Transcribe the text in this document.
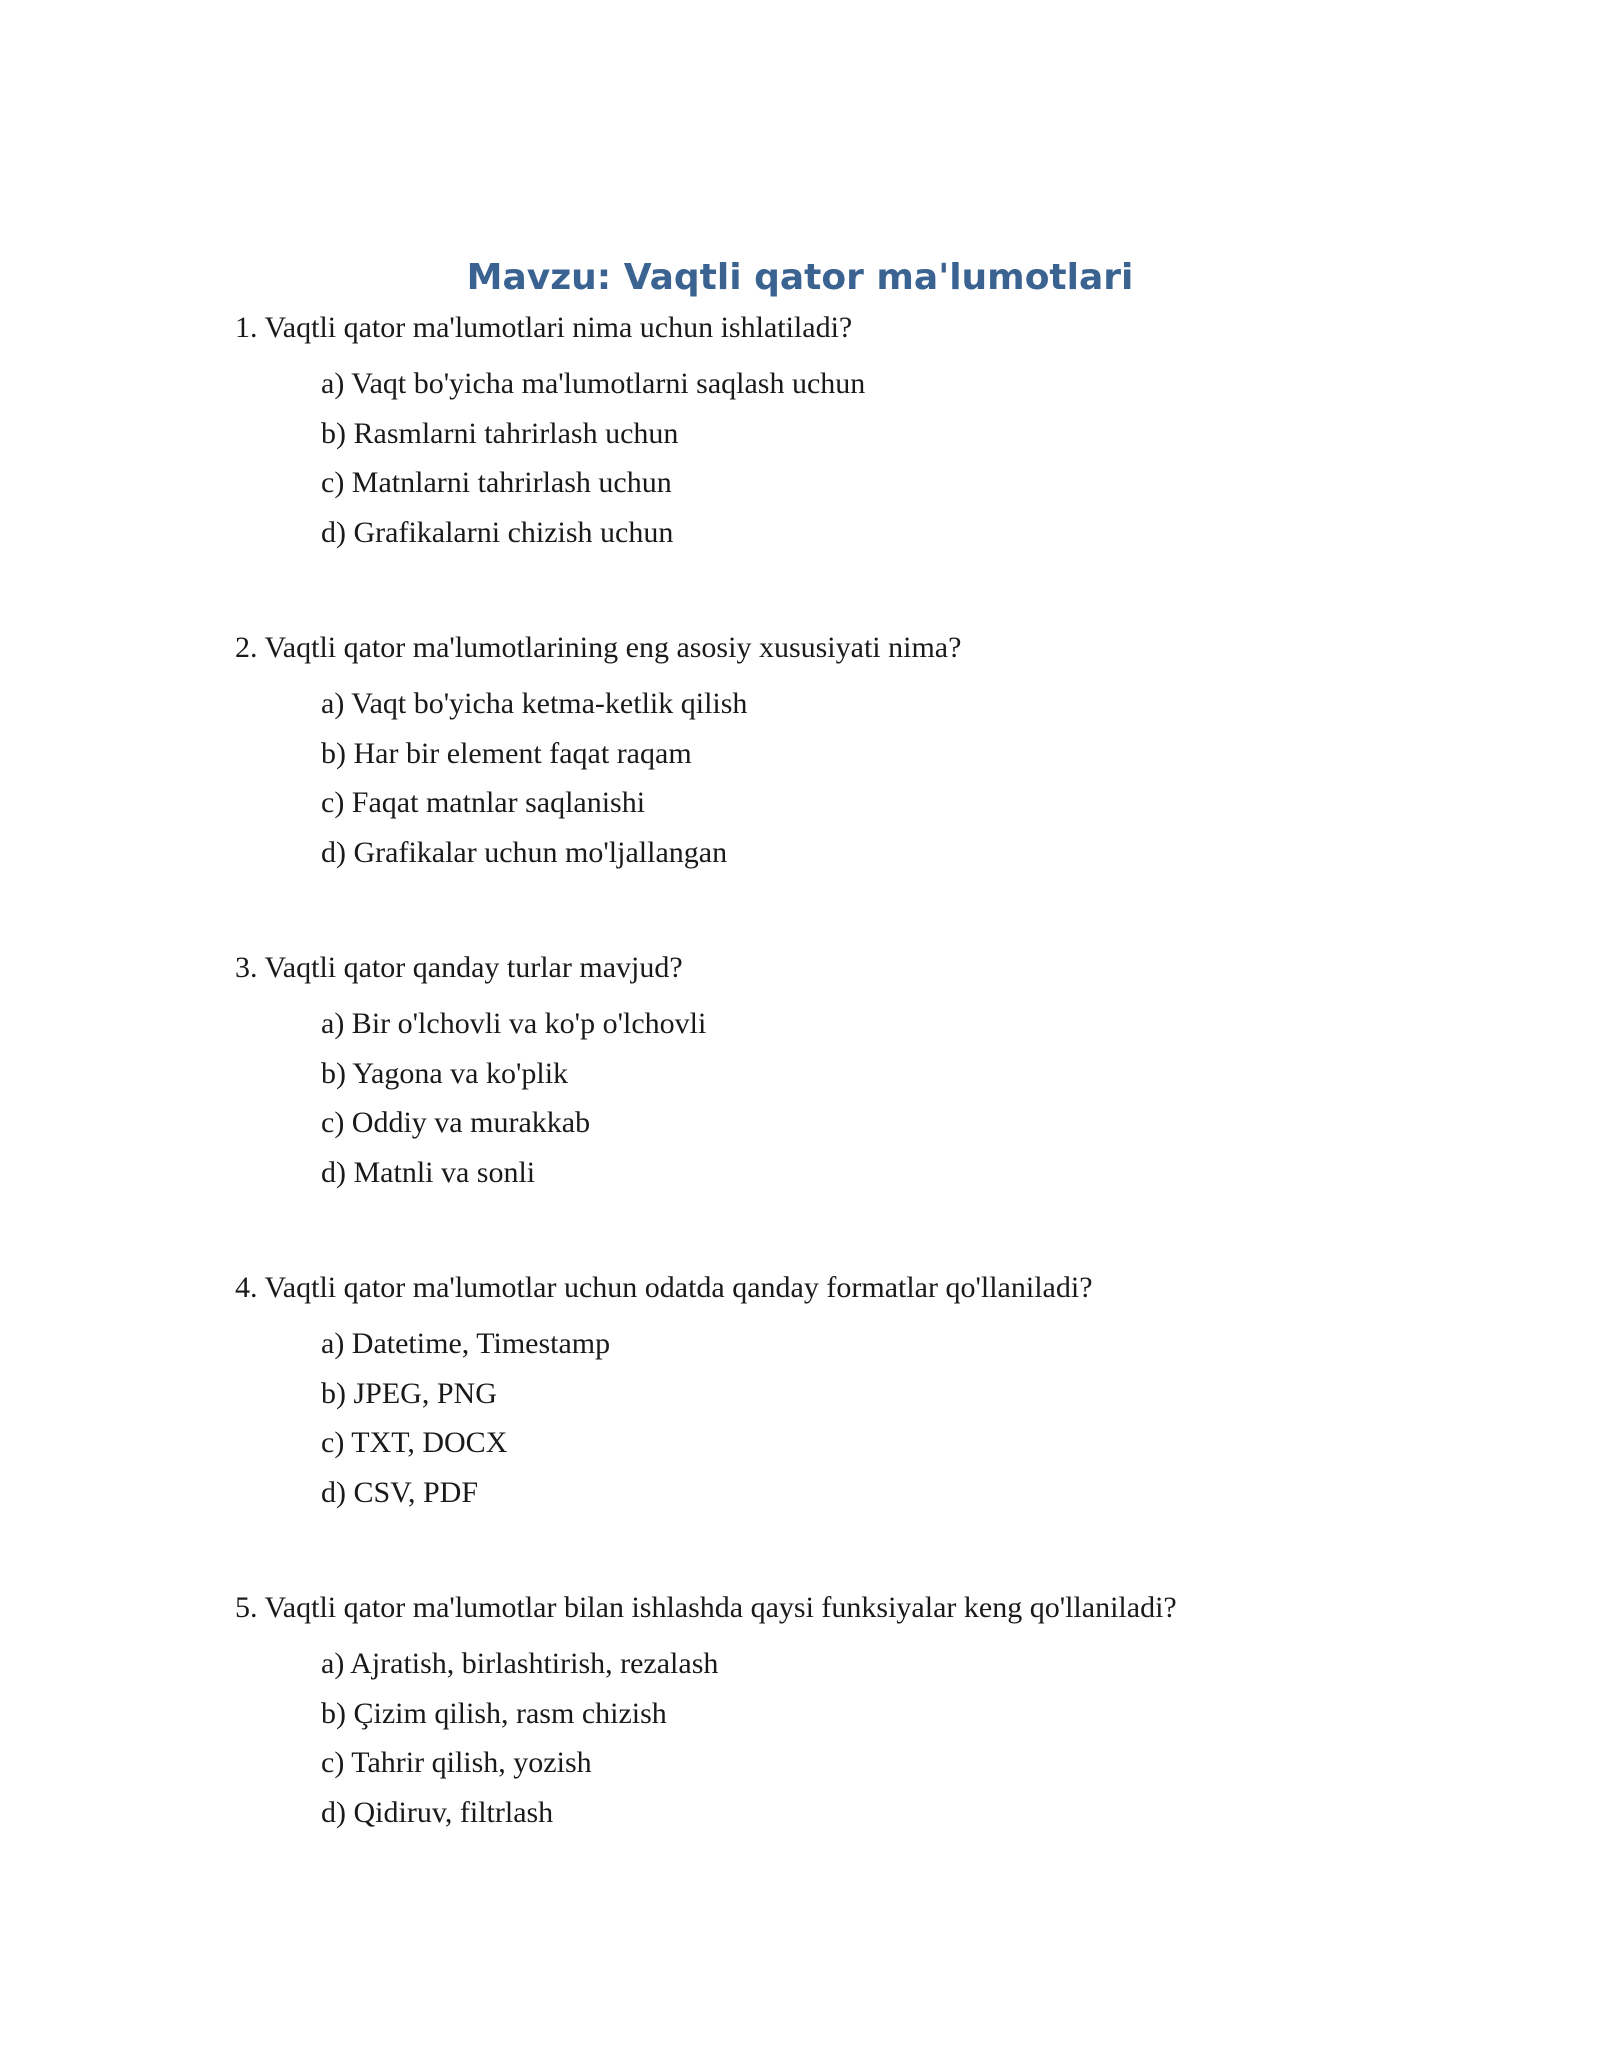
Mavzu: Vaqtli qator ma'lumotlari

1. Vaqtli qator ma'lumotlari nima uchun ishlatiladi?

a) Vaqt bo'yicha ma'lumotlarni saqlash uchun
b) Rasmlarni tahrirlash uchun
c) Matnlarni tahrirlash uchun
d) Grafikalarni chizish uchun

2. Vaqtli qator ma'lumotlarining eng asosiy xususiyati nima?

a) Vaqt bo'yicha ketma-ketlik qilish
b) Har bir element faqat raqam
c) Faqat matnlar saqlanishi
d) Grafikalar uchun mo'ljallangan

3. Vaqtli qator qanday turlar mavjud?

a) Bir o'lchovli va ko'p o'lchovli
b) Yagona va ko'plik
c) Oddiy va murakkab
d) Matnli va sonli

4. Vaqtli qator ma'lumotlar uchun odatda qanday formatlar qo'llaniladi?

a) Datetime, Timestamp
b) JPEG, PNG
c) TXT, DOCX
d) CSV, PDF

5. Vaqtli qator ma'lumotlar bilan ishlashda qaysi funksiyalar keng qo'llaniladi?

a) Ajratish, birlashtirish, rezalash
b) Çizim qilish, rasm chizish
c) Tahrir qilish, yozish
d) Qidiruv, filtrlash
